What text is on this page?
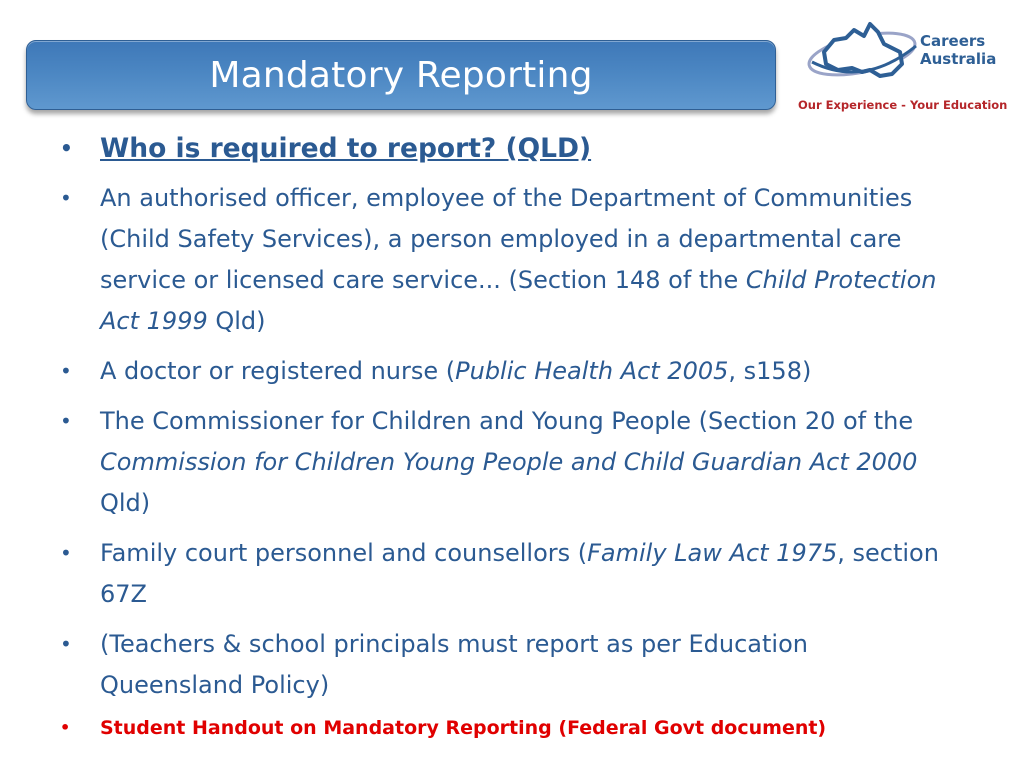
Mandatory Reporting
Careers
Australia
Our Experience - Your Education
• Who is required to report? (QLD)
• An authorised officer, employee of the Department of Communities (Child Safety Services), a person employed in a departmental care service or licensed care service... (Section 148 of the Child Protection Act 1999 Qld)
• A doctor or registered nurse (Public Health Act 2005, s158)
• The Commissioner for Children and Young People (Section 20 of the Commission for Children Young People and Child Guardian Act 2000 Qld)
• Family court personnel and counsellors (Family Law Act 1975, section 67Z
• (Teachers & school principals must report as per Education Queensland Policy)
• Student Handout on Mandatory Reporting (Federal Govt document)
